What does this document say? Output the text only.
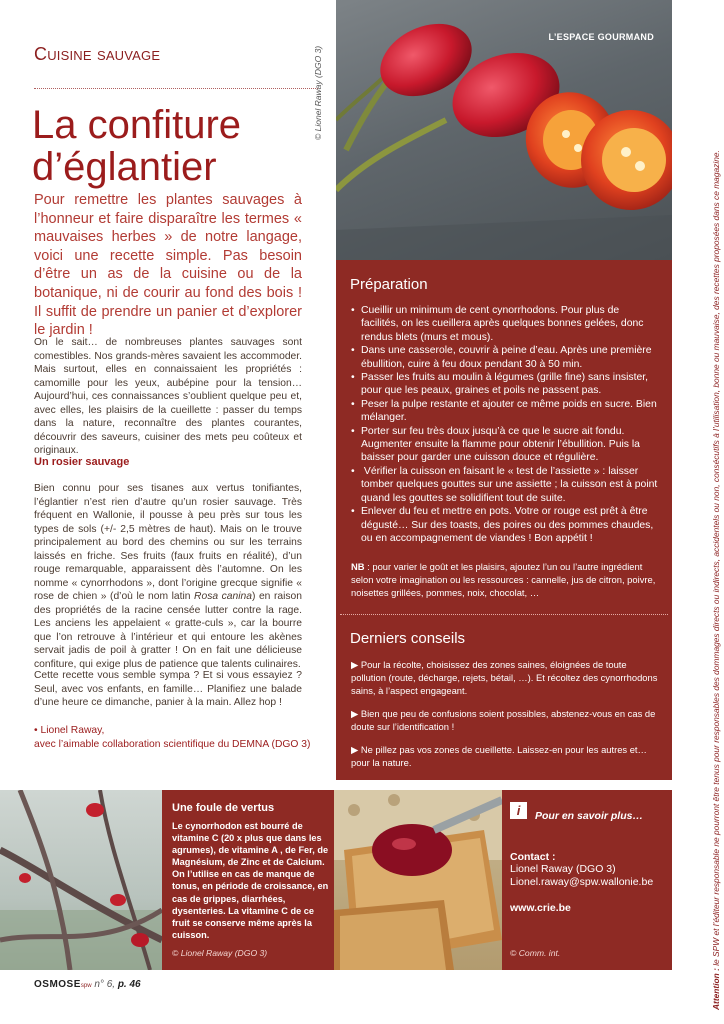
Cuisine sauvage
La confiture
d’églantier

Pour remettre les plantes sauvages à l’honneur et faire disparaître les termes « mauvaises herbes » de notre langage, voici une recette simple. Pas besoin d’être un as de la cuisine ou de la botanique, ni de courir au fond des bois ! Il suffit de prendre un panier et d’explorer le jardin !

On le sait… de nombreuses plantes sauvages sont comestibles. Nos grands-mères savaient les accommoder. Mais surtout, elles en connaissaient les propriétés : camomille pour les yeux, aubépine pour la tension… Aujourd’hui, ces connaissances s’oublient quelque peu et, avec elles, les plaisirs de la cueillette : passer du temps dans la nature, reconnaître des plantes courantes, découvrir des saveurs, cuisiner des mets peu coûteux et originaux.

Un rosier sauvage

Bien connu pour ses tisanes aux vertus tonifiantes, l’églantier n’est rien d’autre qu’un rosier sauvage. Très fréquent en Wallonie, il pousse à peu près sur tous les types de sols (+/- 2,5 mètres de haut). Mais on le trouve principalement au bord des chemins ou sur les terrains laissés en friche. Ses fruits (faux fruits en réalité), d’un rouge remarquable, apparaissent dès l’automne. On les nomme « cynorrhodons », dont l’origine grecque signifie « rose de chien » (d’où le nom latin Rosa canina) en raison des propriétés de la racine censée lutter contre la rage. Les anciens les appelaient « gratte-culs », car la bourre que l’on retrouve à l’intérieur et qui entoure les akènes servait jadis de poil à gratter ! On en fait une délicieuse confiture, qui exige plus de patience que talents culinaires.

Cette recette vous semble sympa ? Et si vous essayiez ? Seul, avec vos enfants, en famille… Planifiez une balade d’une heure ce dimanche, panier à la main. Allez hop !

• Lionel Raway,
avec l’aimable collaboration scientifique du DEMNA (DGO 3)
© Lionel Raway (DGO 3)
L’ESPACE GOURMAND
Préparation
• Cueillir un minimum de cent cynorrhodons. Pour plus de facilités, on les cueillera après quelques bonnes gelées, donc rendus blets (murs et mous).
• Dans une casserole, couvrir à peine d’eau. Après une première ébullition, cuire à feu doux pendant 30 à 50 min.
• Passer les fruits au moulin à légumes (grille fine) sans insister, pour que les peaux, graines et poils ne passent pas.
• Peser la pulpe restante et ajouter ce même poids en sucre. Bien mélanger.
• Porter sur feu très doux jusqu’à ce que le sucre ait fondu. Augmenter ensuite la flamme pour obtenir l’ébullition. Puis la baisser pour garder une cuisson douce et régulière.
• Vérifier la cuisson en faisant le « test de l’assiette » : laisser tomber quelques gouttes sur une assiette ; la cuisson est à point quand les gouttes se solidifient tout de suite.
• Enlever du feu et mettre en pots. Votre or rouge est prêt à être dégusté… Sur des toasts, des poires ou des pommes chaudes, ou en accompagnement de viandes ! Bon appétit !

NB : pour varier le goût et les plaisirs, ajoutez l’un ou l’autre ingrédient selon votre imagination ou les ressources : cannelle, jus de citron, poivre, noisettes grillées, pommes, noix, chocolat, …

Derniers conseils

▶ Pour la récolte, choisissez des zones saines, éloignées de toute pollution (route, décharge, rejets, bétail, …). Et récoltez des cynorrhodons sains, à l’aspect engageant.

▶ Bien que peu de confusions soient possibles, abstenez-vous en cas de doute sur l’identification !

▶ Ne pillez pas vos zones de cueillette. Laissez-en pour les autres et… pour la nature.

Attention : le SPW et l’éditeur responsable ne pourront être tenus pour responsables des dommages directs ou indirects, accidentels ou non, consécutifs à l’utilisation, bonne ou mauvaise, des recettes proposées dans ce magazine.
Une foule de vertus

Le cynorrhodon est bourré de vitamine C (20 x plus que dans les agrumes), de vitamine A , de Fer, de Magnésium, de Zinc et de Calcium. On l’utilise en cas de manque de tonus, en période de croissance, en cas de grippes, diarrhées, dysenteries. La vitamine C de ce fruit se conserve même après la cuisson.

© Lionel Raway (DGO 3)
i	Pour en savoir plus…
Contact :
Lionel Raway (DGO 3)
Lionel.raway@spw.wallonie.be
www.crie.be
© Comm. int.
OSMOSEspw n° 6, p. 46
